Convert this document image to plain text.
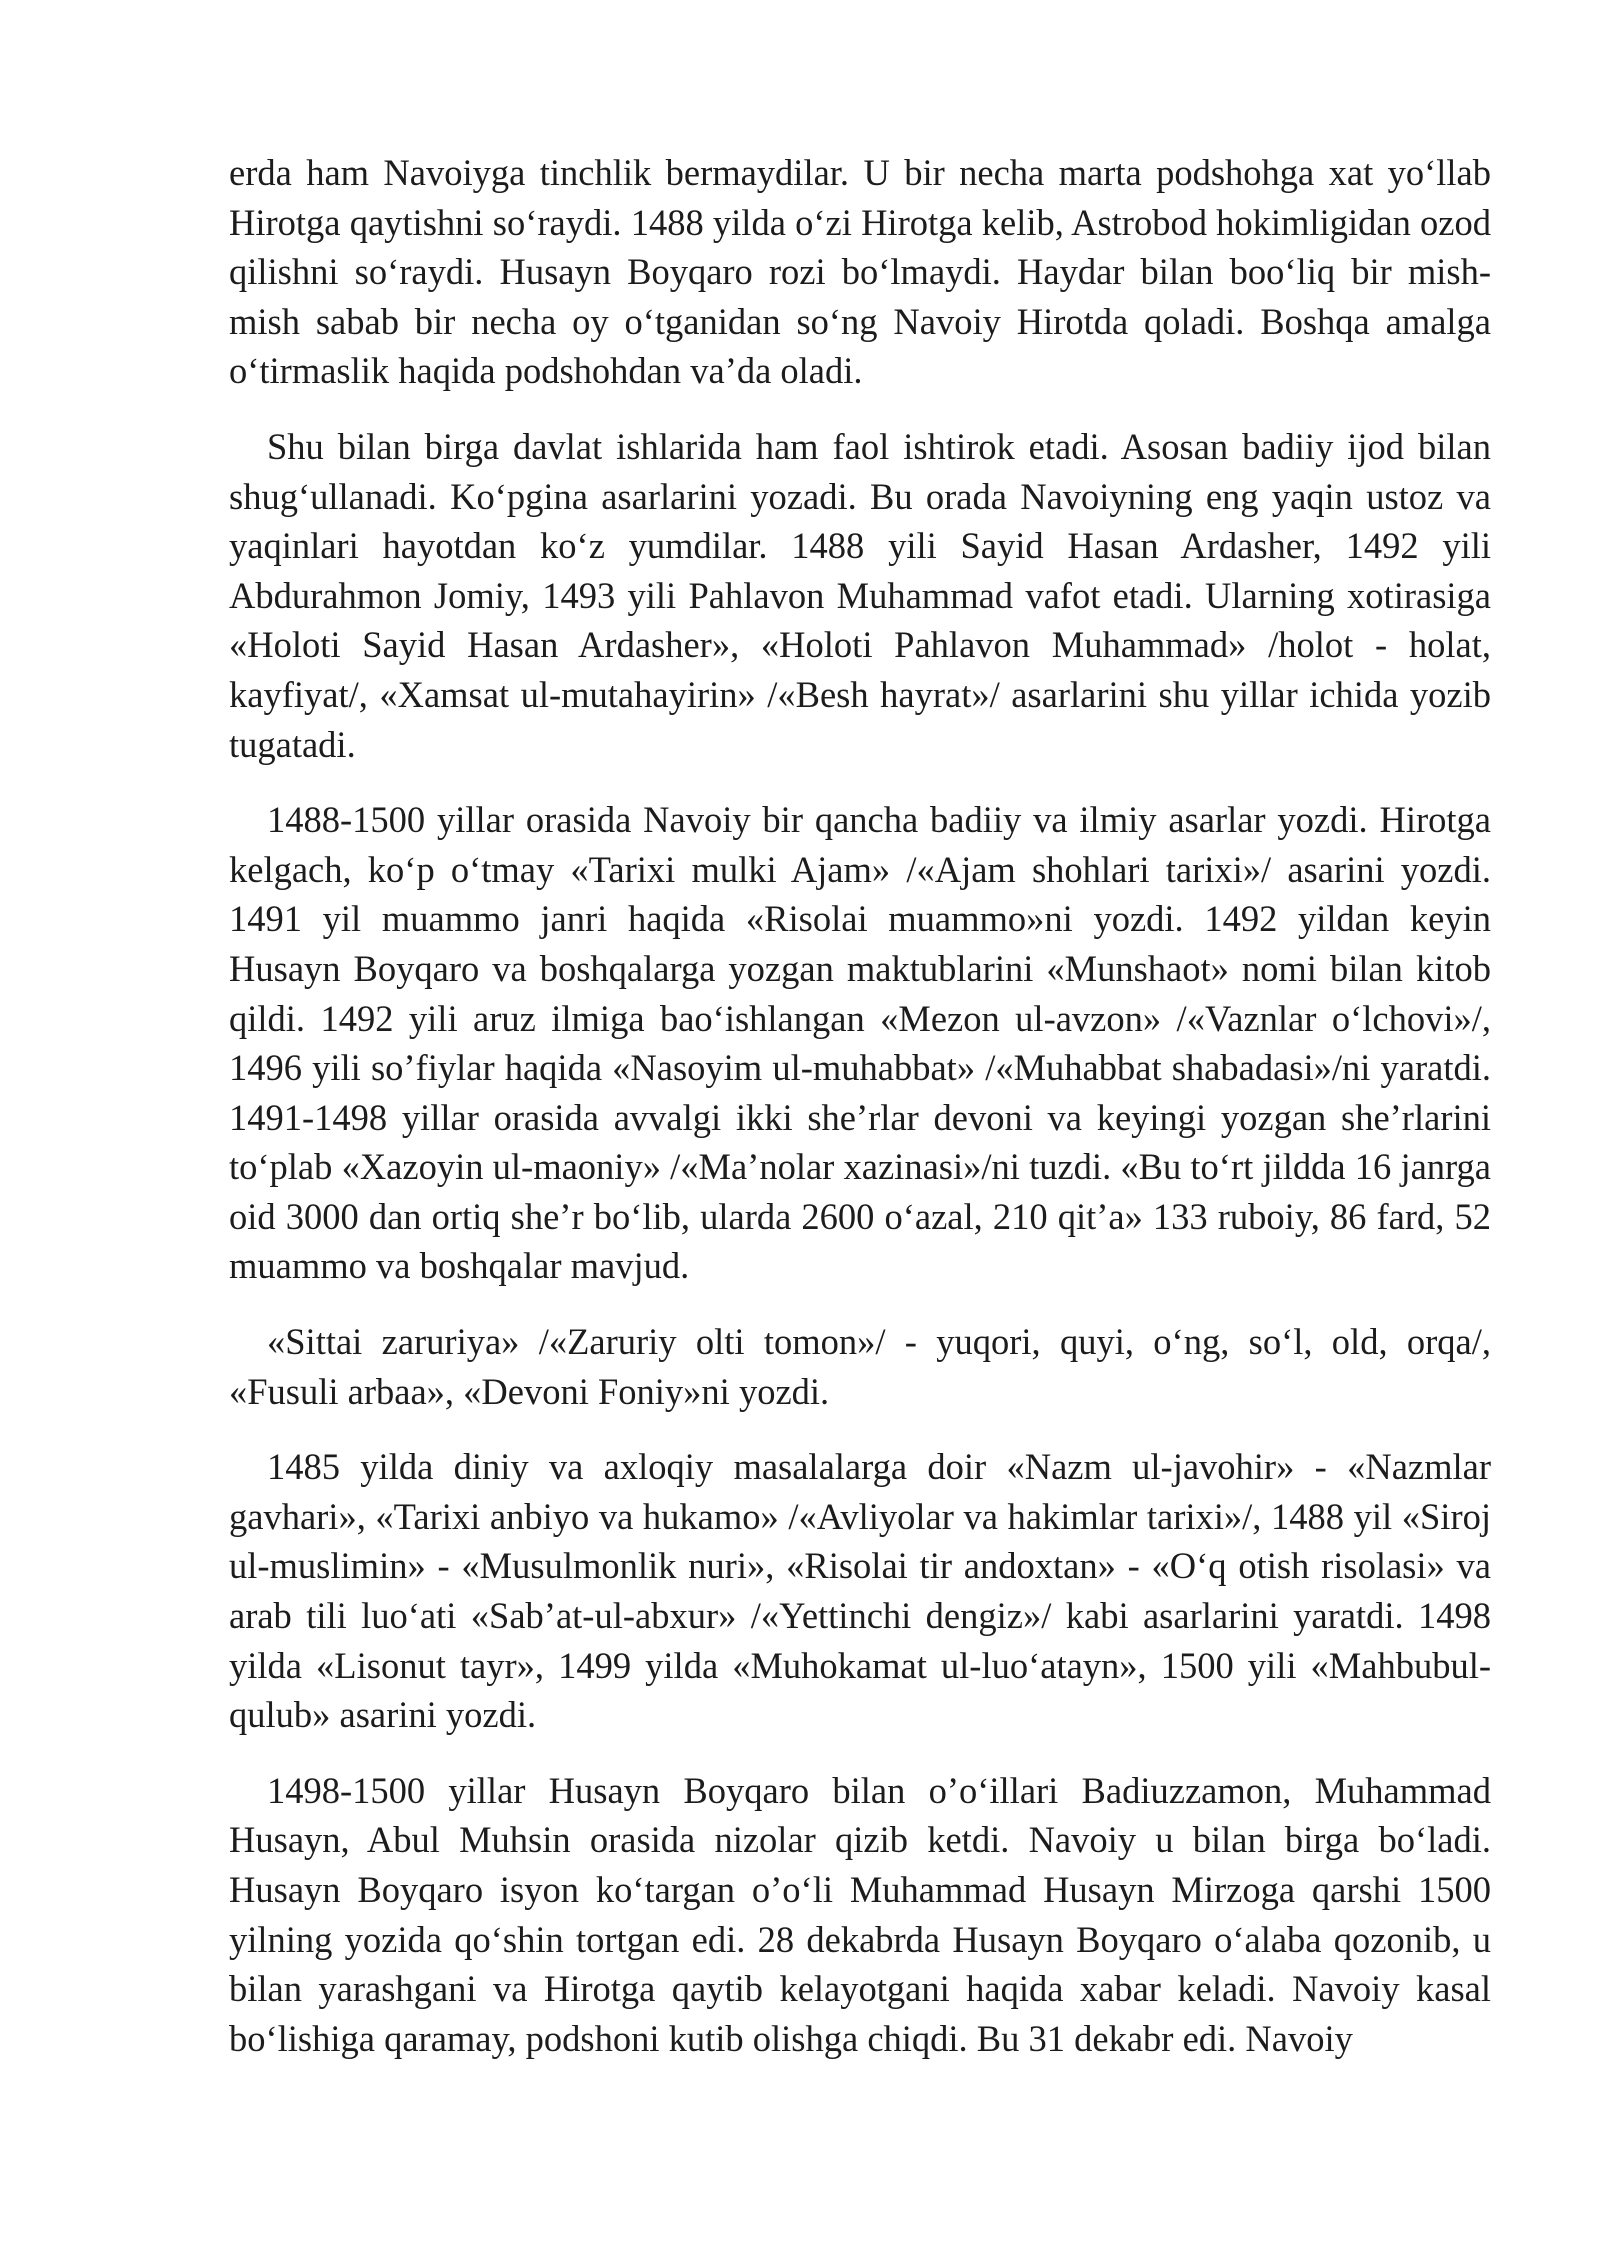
erda ham Navoiyga tinchlik bermaydilar. U bir necha marta podshohga xat yo‘llab Hirotga qaytishni so‘raydi. 1488 yilda o‘zi Hirotga kelib, Astrobod hokimligidan ozod qilishni so‘raydi. Husayn Boyqaro rozi bo‘lmaydi. Haydar bilan boo‘liq bir mish-mish sabab bir necha oy o‘tganidan so‘ng Navoiy Hirotda qoladi. Boshqa amalga o‘tirmaslik haqida podshohdan va’da oladi.

Shu bilan birga davlat ishlarida ham faol ishtirok etadi. Asosan badiiy ijod bilan shug‘ullanadi. Ko‘pgina asarlarini yozadi. Bu orada Navoiyning eng yaqin ustoz va yaqinlari hayotdan ko‘z yumdilar. 1488 yili Sayid Hasan Ardasher, 1492 yili Abdurahmon Jomiy, 1493 yili Pahlavon Muhammad vafot etadi. Ularning xotirasiga «Holoti Sayid Hasan Ardasher», «Holoti Pahlavon Muhammad» /holot - holat, kayfiyat/, «Xamsat ul-mutahayirin» /«Besh hayrat»/ asarlarini shu yillar ichida yozib tugatadi.

1488-1500 yillar orasida Navoiy bir qancha badiiy va ilmiy asarlar yozdi. Hirotga kelgach, ko‘p o‘tmay «Tarixi mulki Ajam» /«Ajam shohlari tarixi»/ asarini yozdi. 1491 yil muammo janri haqida «Risolai muammo»ni yozdi. 1492 yildan keyin Husayn Boyqaro va boshqalarga yozgan maktublarini «Munshaot» nomi bilan kitob qildi. 1492 yili aruz ilmiga bao‘ishlangan «Mezon ul-avzon» /«Vaznlar o‘lchovi»/, 1496 yili so’fiylar haqida «Nasoyim ul-muhabbat» /«Muhabbat shabadasi»/ni yaratdi. 1491-1498 yillar orasida avvalgi ikki she’rlar devoni va keyingi yozgan she’rlarini to‘plab «Xazoyin ul-maoniy» /«Ma’nolar xazinasi»/ni tuzdi. «Bu to‘rt jildda 16 janrga oid 3000 dan ortiq she’r bo‘lib, ularda 2600 o‘azal, 210 qit’a» 133 ruboiy, 86 fard, 52 muammo va boshqalar mavjud.

«Sittai zaruriya» /«Zaruriy olti tomon»/ - yuqori, quyi, o‘ng, so‘l, old, orqa/, «Fusuli arbaa», «Devoni Foniy»ni yozdi.

1485 yilda diniy va axloqiy masalalarga doir «Nazm ul-javohir» - «Nazmlar gavhari», «Tarixi anbiyo va hukamo» /«Avliyolar va hakimlar tarixi»/, 1488 yil «Siroj ul-muslimin» - «Musulmonlik nuri», «Risolai tir andoxtan» - «O‘q otish risolasi» va arab tili luo‘ati «Sab’at-ul-abxur» /«Yettinchi dengiz»/ kabi asarlarini yaratdi. 1498 yilda «Lisonut tayr», 1499 yilda «Muhokamat ul-luo‘atayn», 1500 yili «Mahbubul-qulub» asarini yozdi.

1498-1500 yillar Husayn Boyqaro bilan o’o‘illari Badiuzzamon, Muhammad Husayn, Abul Muhsin orasida nizolar qizib ketdi. Navoiy u bilan birga bo‘ladi. Husayn Boyqaro isyon ko‘targan o’o‘li Muhammad Husayn Mirzoga qarshi 1500 yilning yozida qo‘shin tortgan edi. 28 dekabrda Husayn Boyqaro o‘alaba qozonib, u bilan yarashgani va Hirotga qaytib kelayotgani haqida xabar keladi. Navoiy kasal bo‘lishiga qaramay, podshoni kutib olishga chiqdi. Bu 31 dekabr edi. Navoiy
